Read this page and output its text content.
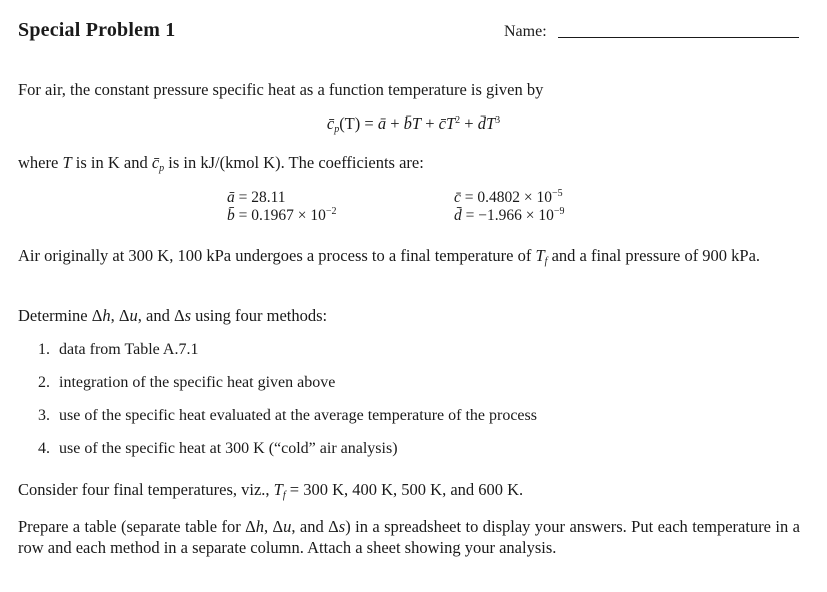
Special Problem 1	Name:
For air, the constant pressure specific heat as a function temperature is given by
$c̄_p(T)$ = ā + b̄T + $c̄T^2$ + $d̄T^3$
where T is in K and $c̄_p$ is in kJ/(kmol K). The coefficients are:
ā = 28.11
b̄ = $0.1967 \times 10^{-2}$
c̄ = $0.4802 \times 10^{-5}$
d̄ = $-1.966 \times 10^{-9}$
Air originally at 300 K, 100 kPa undergoes a process to a final temperature of $T_f$ and a final pressure of 900 kPa.
Determine Δh, Δu, and Δs using four methods:
1. data from Table A.7.1
2. integration of the specific heat given above
3. use of the specific heat evaluated at the average temperature of the process
4. use of the specific heat at 300 K (“cold” air analysis)
Consider four final temperatures, viz., $T_f = 300$ K, 400 K, 500 K, and 600 K.
Prepare a table (separate table for Δh, Δu, and Δs) in a spreadsheet to display your answers. Put each temperature in a row and each method in a separate column. Attach a sheet showing your analysis.
